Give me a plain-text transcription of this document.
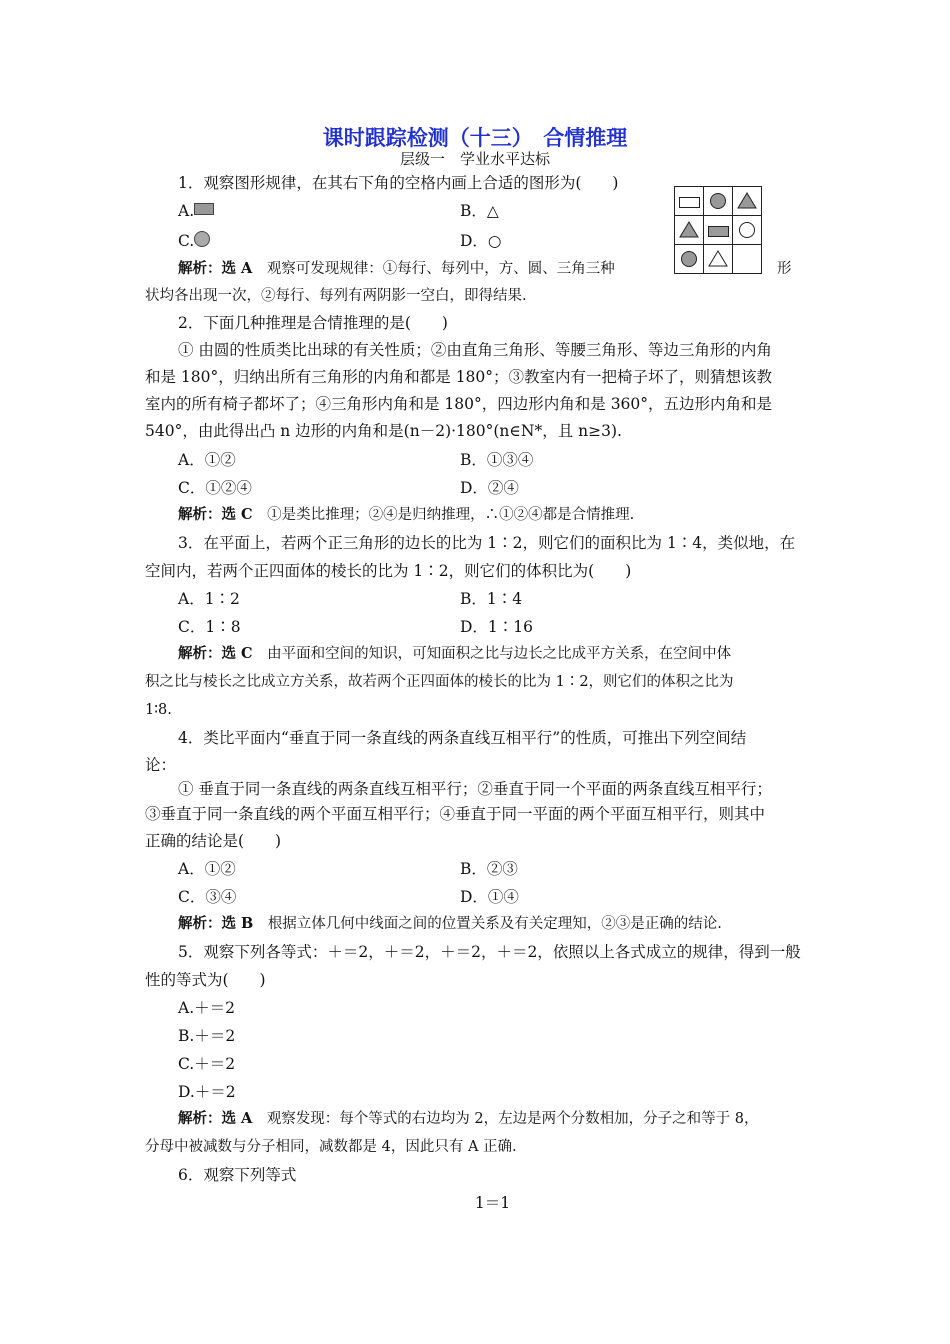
课时跟踪检测（十三）　合情推理
层级一　学业水平达标
1．观察图形规律，在其右下角的空格内画上合适的图形为(　　)
A.	B．△
C.	D．○
解析：选 A　 观察可发现规律：①每行、每列中，方、圆、三角三种	形
状均各出现一次，②每行、每列有两阴影一空白，即得结果.
2．下面几种推理是合情推理的是(　　)
① 由圆的性质类比出球的有关性质；②由直角三角形、等腰三角形、等边三角形的内角
和是 180°，归纳出所有三角形的内角和都是 180°；③教室内有一把椅子坏了，则猜想该教
室内的所有椅子都坏了；④三角形内角和是 180°，四边形内角和是 360°，五边形内角和是
540°，由此得出凸 n 边形的内角和是(n－2)·180°(n∈N*，且 n≥3).
A．①②	B．①③④
C．①②④	D．②④
解析：选 C　 ①是类比推理；②④是归纳推理，∴①②④都是合情推理.
3．在平面上，若两个正三角形的边长的比为 1∶2，则它们的面积比为 1∶4，类似地，在
空间内，若两个正四面体的棱长的比为 1∶2，则它们的体积比为(　　)
A．1∶2	B．1∶4
C．1∶8	D．1∶16
解析：选 C　 由平面和空间的知识，可知面积之比与边长之比成平方关系，在空间中体
积之比与棱长之比成立方关系，故若两个正四面体的棱长的比为 1∶2，则它们的体积之比为
1∶8.
4．类比平面内“垂直于同一条直线的两条直线互相平行”的性质，可推出下列空间结
论：
① 垂直于同一条直线的两条直线互相平行；②垂直于同一个平面的两条直线互相平行；
③垂直于同一条直线的两个平面互相平行；④垂直于同一平面的两个平面互相平行，则其中
正确的结论是(　　)
A．①②	B．②③
C．③④	D．①④
解析：选 B　 根据立体几何中线面之间的位置关系及有关定理知，②③是正确的结论.
5．观察下列各等式：＋＝2，＋＝2，＋＝2，＋＝2，依照以上各式成立的规律，得到一般
性的等式为(　　)
A.＋＝2
B.＋＝2
C.＋＝2
D.＋＝2
解析：选 A　 观察发现：每个等式的右边均为 2，左边是两个分数相加，分子之和等于 8，
分母中被减数与分子相同，减数都是 4，因此只有 A 正确.
6．观察下列等式
1＝1
